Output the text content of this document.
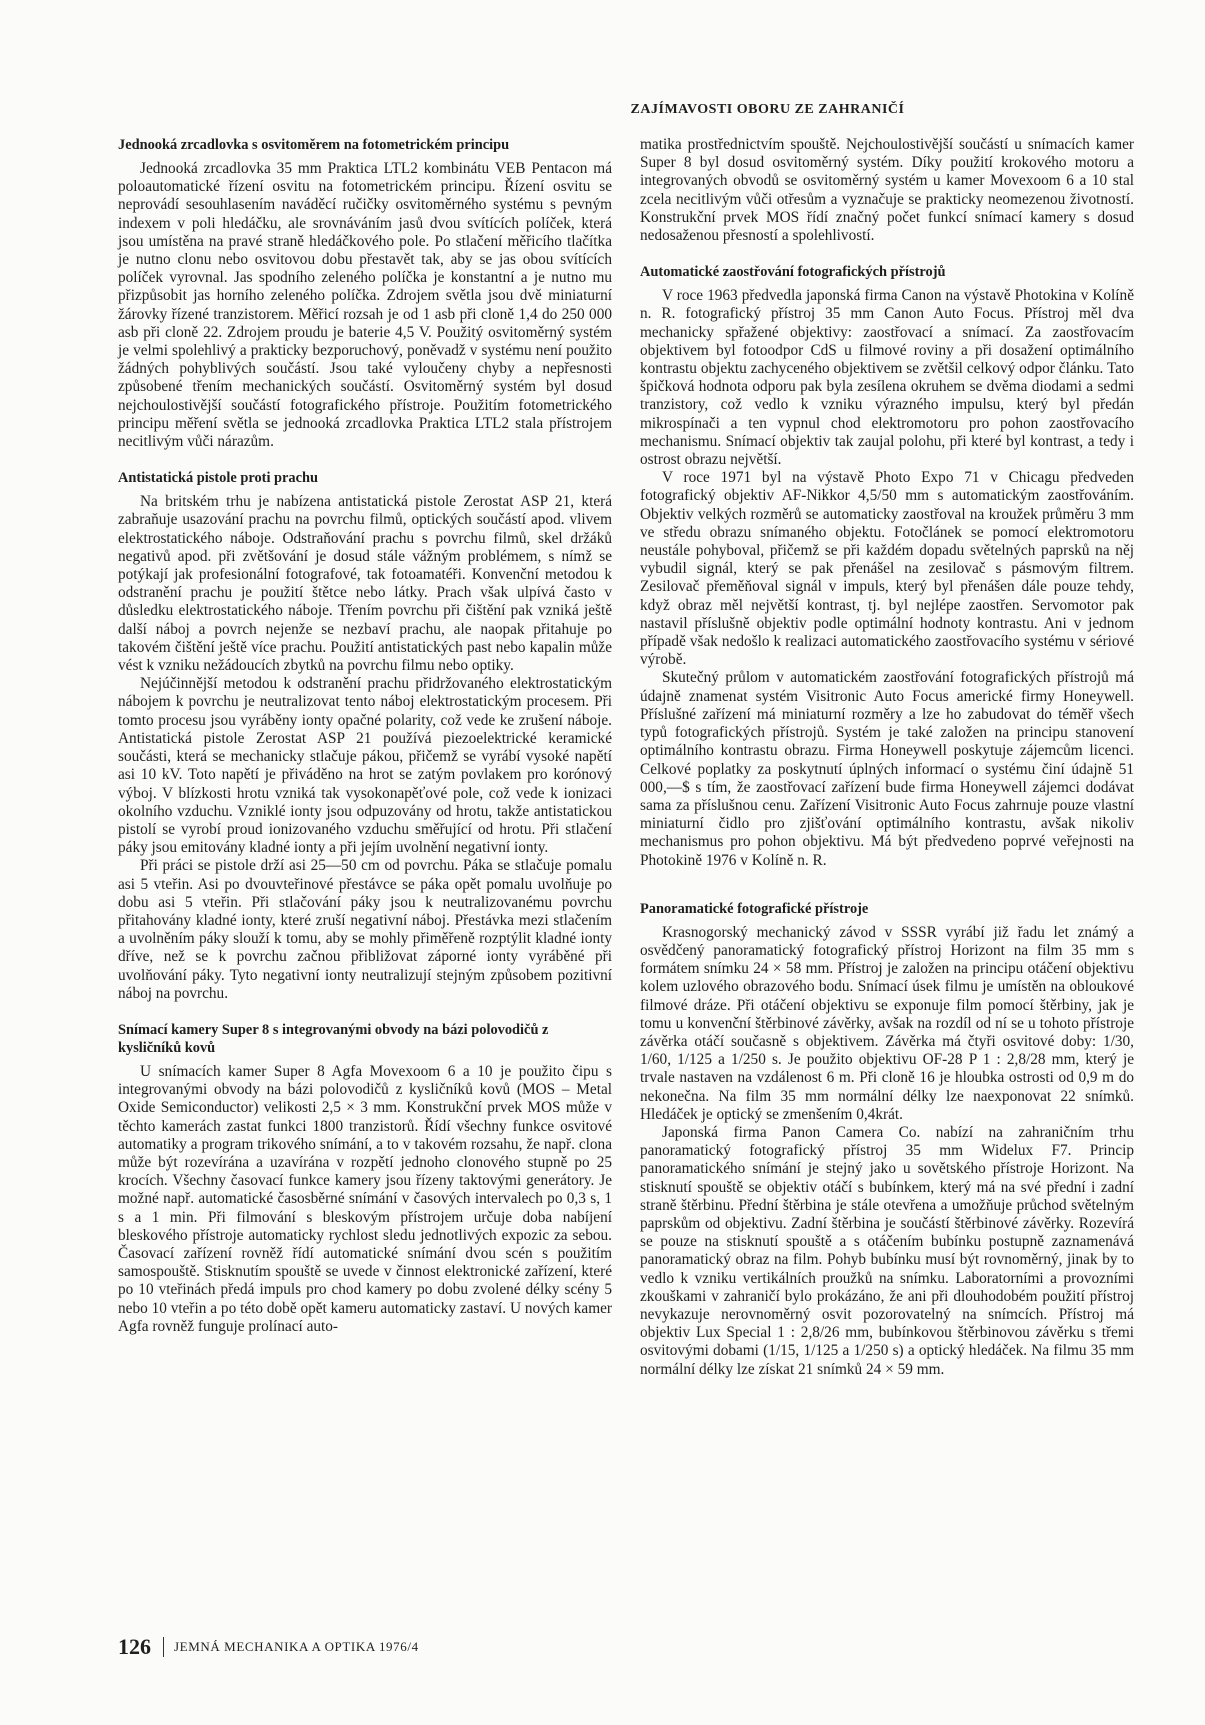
ZAJÍMAVOSTI OBORU ZE ZAHRANIČÍ
Jednooká zrcadlovka s osvitoměrem na fotometrickém principu

Jednooká zrcadlovka 35 mm Praktica LTL2 kombinátu VEB Pentacon má poloautomatické řízení osvitu na fotometrickém principu. Řízení osvitu se neprovádí sesouhlasením naváděcí ručičky osvitoměrného systému s pevným indexem v poli hledáčku, ale srovnáváním jasů dvou svítících políček, která jsou umístěna na pravé straně hledáčkového pole. Po stlačení měřicího tlačítka je nutno clonu nebo osvitovou dobu přestavět tak, aby se jas obou svítících políček vyrovnal. Jas spodního zeleného políčka je konstantní a je nutno mu přizpůsobit jas horního zeleného políčka. Zdrojem světla jsou dvě miniaturní žárovky řízené tranzistorem. Měřicí rozsah je od 1 asb při cloně 1,4 do 250 000 asb při cloně 22. Zdrojem proudu je baterie 4,5 V. Použitý osvitoměrný systém je velmi spolehlivý a prakticky bezporuchový, poněvadž v systému není použito žádných pohyblivých součástí. Jsou také vyloučeny chyby a nepřesnosti způsobené třením mechanických součástí. Osvitoměrný systém byl dosud nejchoulostivější součástí fotografického přístroje. Použitím fotometrického principu měření světla se jednooká zrcadlovka Praktica LTL2 stala přístrojem necitlivým vůči nárazům.

Antistatická pistole proti prachu

Na britském trhu je nabízena antistatická pistole Zerostat ASP 21, která zabraňuje usazování prachu na povrchu filmů, optických součástí apod. vlivem elektrostatického náboje. Odstraňování prachu s povrchu filmů, skel držáků negativů apod. při zvětšování je dosud stále vážným problémem, s nímž se potýkají jak profesionální fotografové, tak fotoamatéři. Konvenční metodou k odstranění prachu je použití štětce nebo látky. Prach však ulpívá často v důsledku elektrostatického náboje. Třením povrchu při čištění pak vzniká ještě další náboj a povrch nejenže se nezbaví prachu, ale naopak přitahuje po takovém čištění ještě více prachu. Použití antistatických past nebo kapalin může vést k vzniku nežádoucích zbytků na povrchu filmu nebo optiky.

Nejúčinnější metodou k odstranění prachu přidržovaného elektrostatickým nábojem k povrchu je neutralizovat tento náboj elektrostatickým procesem. Při tomto procesu jsou vyráběny ionty opačné polarity, což vede ke zrušení náboje. Antistatická pistole Zerostat ASP 21 používá piezoelektrické keramické součásti, která se mechanicky stlačuje pákou, přičemž se vyrábí vysoké napětí asi 10 kV. Toto napětí je přiváděno na hrot se zatým povlakem pro korónový výboj. V blízkosti hrotu vzniká tak vysokonapěťové pole, což vede k ionizaci okolního vzduchu. Vzniklé ionty jsou odpuzovány od hrotu, takže antistatickou pistolí se vyrobí proud ionizovaného vzduchu směřující od hrotu. Při stlačení páky jsou emitovány kladné ionty a při jejím uvolnění negativní ionty.

Při práci se pistole drží asi 25—50 cm od povrchu. Páka se stlačuje pomalu asi 5 vteřin. Asi po dvouvteřinové přestávce se páka opět pomalu uvolňuje po dobu asi 5 vteřin. Při stlačování páky jsou k neutralizovanému povrchu přitahovány kladné ionty, které zruší negativní náboj. Přestávka mezi stlačením a uvolněním páky slouží k tomu, aby se mohly přiměřeně rozptýlit kladné ionty dříve, než se k povrchu začnou přibližovat záporné ionty vyráběné při uvolňování páky. Tyto negativní ionty neutralizují stejným způsobem pozitivní náboj na povrchu.

Snímací kamery Super 8 s integrovanými obvody na bázi polovodičů z kysličníků kovů

U snímacích kamer Super 8 Agfa Movexoom 6 a 10 je použito čipu s integrovanými obvody na bázi polovodičů z kysličníků kovů (MOS – Metal Oxide Semiconductor) velikosti 2,5 × 3 mm. Konstrukční prvek MOS může v těchto kamerách zastat funkci 1800 tranzistorů. Řídí všechny funkce osvitové automatiky a program trikového snímání, a to v takovém rozsahu, že např. clona může být rozevírána a uzavírána v rozpětí jednoho clonového stupně po 25 krocích. Všechny časovací funkce kamery jsou řízeny taktovými generátory. Je možné např. automatické časosběrné snímání v časových intervalech po 0,3 s, 1 s a 1 min. Při filmování s bleskovým přístrojem určuje doba nabíjení bleskového přístroje automaticky rychlost sledu jednotlivých expozic za sebou. Časovací zařízení rovněž řídí automatické snímání dvou scén s použitím samospouště. Stisknutím spouště se uvede v činnost elektronické zařízení, které po 10 vteřinách předá impuls pro chod kamery po dobu zvolené délky scény 5 nebo 10 vteřin a po této době opět kameru automaticky zastaví. U nových kamer Agfa rovněž funguje prolínací auto-

matika prostřednictvím spouště. Nejchoulostivější součástí u snímacích kamer Super 8 byl dosud osvitoměrný systém. Díky použití krokového motoru a integrovaných obvodů se osvitoměrný systém u kamer Movexoom 6 a 10 stal zcela necitlivým vůči otřesům a vyznačuje se prakticky neomezenou životností. Konstrukční prvek MOS řídí značný počet funkcí snímací kamery s dosud nedosaženou přesností a spolehlivostí.

Automatické zaostřování fotografických přístrojů

V roce 1963 předvedla japonská firma Canon na výstavě Photokina v Kolíně n. R. fotografický přístroj 35 mm Canon Auto Focus. Přístroj měl dva mechanicky spřažené objektivy: zaostřovací a snímací. Za zaostřovacím objektivem byl fotoodpor CdS u filmové roviny a při dosažení optimálního kontrastu objektu zachyceného objektivem se zvětšil celkový odpor článku. Tato špičková hodnota odporu pak byla zesílena okruhem se dvěma diodami a sedmi tranzistory, což vedlo k vzniku výrazného impulsu, který byl předán mikrospínači a ten vypnul chod elektromotoru pro pohon zaostřovacího mechanismu. Snímací objektiv tak zaujal polohu, při které byl kontrast, a tedy i ostrost obrazu největší.

V roce 1971 byl na výstavě Photo Expo 71 v Chicagu předveden fotografický objektiv AF-Nikkor 4,5/50 mm s automatickým zaostřováním. Objektiv velkých rozměrů se automaticky zaostřoval na kroužek průměru 3 mm ve středu obrazu snímaného objektu. Fotočlánek se pomocí elektromotoru neustále pohyboval, přičemž se při každém dopadu světelných paprsků na něj vybudil signál, který se pak přenášel na zesilovač s pásmovým filtrem. Zesilovač přeměňoval signál v impuls, který byl přenášen dále pouze tehdy, když obraz měl největší kontrast, tj. byl nejlépe zaostřen. Servomotor pak nastavil příslušně objektiv podle optimální hodnoty kontrastu. Ani v jednom případě však nedošlo k realizaci automatického zaostřovacího systému v sériové výrobě.

Skutečný průlom v automatickém zaostřování fotografických přístrojů má údajně znamenat systém Visitronic Auto Focus americké firmy Honeywell. Příslušné zařízení má miniaturní rozměry a lze ho zabudovat do téměř všech typů fotografických přístrojů. Systém je také založen na principu stanovení optimálního kontrastu obrazu. Firma Honeywell poskytuje zájemcům licenci. Celkové poplatky za poskytnutí úplných informací o systému činí údajně 51 000,—$ s tím, že zaostřovací zařízení bude firma Honeywell zájemci dodávat sama za příslušnou cenu. Zařízení Visitronic Auto Focus zahrnuje pouze vlastní miniaturní čidlo pro zjišťování optimálního kontrastu, avšak nikoliv mechanismus pro pohon objektivu. Má být předvedeno poprvé veřejnosti na Photokině 1976 v Kolíně n. R.

Panoramatické fotografické přístroje

Krasnogorský mechanický závod v SSSR vyrábí již řadu let známý a osvědčený panoramatický fotografický přístroj Horizont na film 35 mm s formátem snímku 24 × 58 mm. Přístroj je založen na principu otáčení objektivu kolem uzlového obrazového bodu. Snímací úsek filmu je umístěn na obloukové filmové dráze. Při otáčení objektivu se exponuje film pomocí štěrbiny, jak je tomu u konvenční štěrbinové závěrky, avšak na rozdíl od ní se u tohoto přístroje závěrka otáčí současně s objektivem. Závěrka má čtyři osvitové doby: 1/30, 1/60, 1/125 a 1/250 s. Je použito objektivu OF-28 P 1 : 2,8/28 mm, který je trvale nastaven na vzdálenost 6 m. Při cloně 16 je hloubka ostrosti od 0,9 m do nekonečna. Na film 35 mm normální délky lze naexponovat 22 snímků. Hledáček je optický se zmenšením 0,4krát.

Japonská firma Panon Camera Co. nabízí na zahraničním trhu panoramatický fotografický přístroj 35 mm Widelux F7. Princip panoramatického snímání je stejný jako u sovětského přístroje Horizont. Na stisknutí spouště se objektiv otáčí s bubínkem, který má na své přední i zadní straně štěrbinu. Přední štěrbina je stále otevřena a umožňuje průchod světelným paprskům od objektivu. Zadní štěrbina je součástí štěrbinové závěrky. Rozevírá se pouze na stisknutí spouště a s otáčením bubínku postupně zaznamenává panoramatický obraz na film. Pohyb bubínku musí být rovnoměrný, jinak by to vedlo k vzniku vertikálních proužků na snímku. Laboratorními a provozními zkouškami v zahraničí bylo prokázáno, že ani při dlouhodobém použití přístroj nevykazuje nerovnoměrný osvit pozorovatelný na snímcích. Přístroj má objektiv Lux Special 1 : 2,8/26 mm, bubínkovou štěrbinovou závěrku s třemi osvitovými dobami (1/15, 1/125 a 1/250 s) a optický hledáček. Na filmu 35 mm normální délky lze získat 21 snímků 24 × 59 mm.

126 JEMNÁ MECHANIKA A OPTIKA 1976/4
